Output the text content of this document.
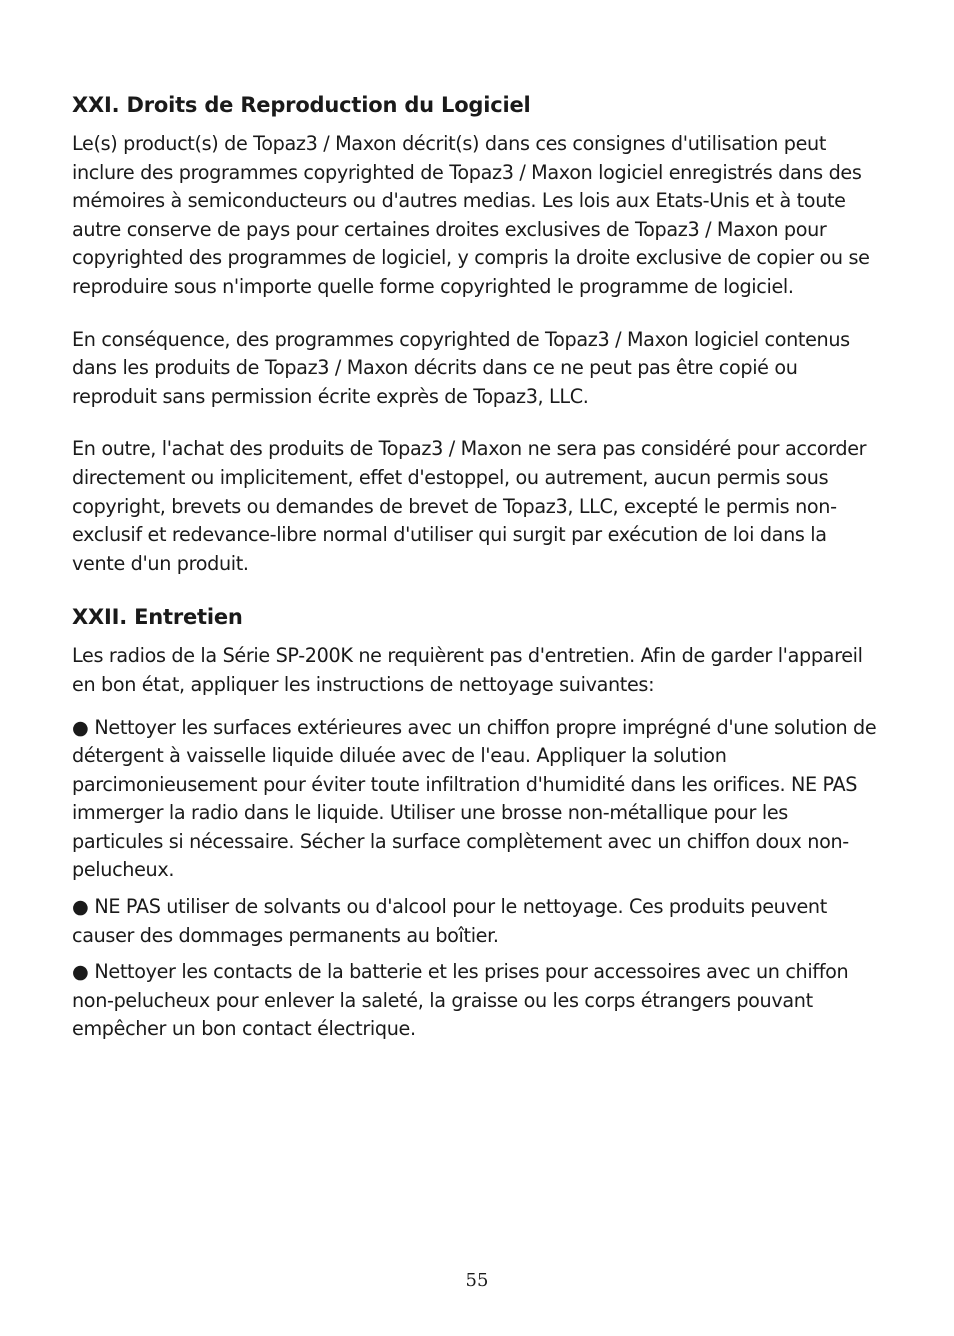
XXI. Droits de Reproduction du Logiciel

Le(s) product(s) de Topaz3 / Maxon décrit(s) dans ces consignes d'utilisation peut inclure des programmes copyrighted de Topaz3 / Maxon logiciel enregistrés dans des mémoires à semiconducteurs ou d'autres medias. Les lois aux Etats-Unis et à toute autre conserve de pays pour certaines droites exclusives de Topaz3 / Maxon pour copyrighted des programmes de logiciel, y compris la droite exclusive de copier ou se reproduire sous n'importe quelle forme copyrighted le programme de logiciel.

En conséquence, des programmes copyrighted de Topaz3 / Maxon logiciel contenus dans les produits de Topaz3 / Maxon décrits dans ce ne peut pas être copié ou reproduit sans permission écrite exprès de Topaz3, LLC.

En outre, l'achat des produits de Topaz3 / Maxon ne sera pas considéré pour accorder directement ou implicitement, effet d'estoppel, ou autrement, aucun permis sous copyright, brevets ou demandes de brevet de Topaz3, LLC, excepté le permis non-exclusif et redevance-libre normal d'utiliser qui surgit par exécution de loi dans la vente d'un produit.

XXII. Entretien

Les radios de la Série SP-200K ne requièrent pas d'entretien. Afin de garder l'appareil en bon état, appliquer les instructions de nettoyage suivantes:

● Nettoyer les surfaces extérieures avec un chiffon propre imprégné d'une solution de détergent à vaisselle liquide diluée avec de l'eau. Appliquer la solution parcimonieusement pour éviter toute infiltration d'humidité dans les orifices. NE PAS immerger la radio dans le liquide. Utiliser une brosse non-métallique pour les particules si nécessaire. Sécher la surface complètement avec un chiffon doux non-pelucheux.
● NE PAS utiliser de solvants ou d'alcool pour le nettoyage. Ces produits peuvent causer des dommages permanents au boîtier.
● Nettoyer les contacts de la batterie et les prises pour accessoires avec un chiffon non-pelucheux pour enlever la saleté, la graisse ou les corps étrangers pouvant empêcher un bon contact électrique.
55
